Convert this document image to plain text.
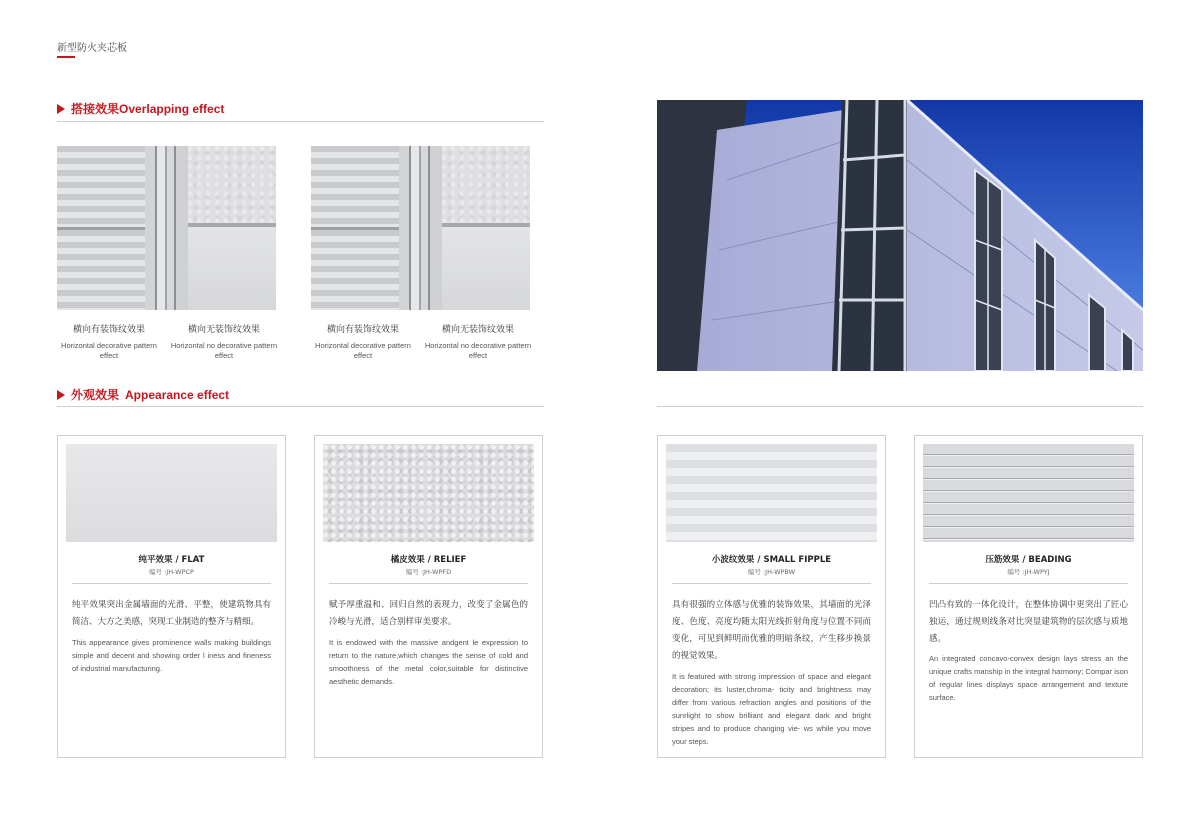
新型防火夹芯板
搭接效果 Overlapping effect
横向有装饰纹效果
Horizontal decorative pattern effect
横向无装饰纹效果
Horizontal no decorative pattern effect
横向有装饰纹效果
Horizontal decorative pattern effect
横向无装饰纹效果
Horizontal no decorative pattern effect
外观效果 Appearance effect
纯平效果 / FLAT
编号 :JH-WPCP
纯平效果突出金属墙面的光滑、平整，使建筑物具有简洁、大方之美感，突现工业制造的整齐与精细。
This appearance gives prominence walls making buildings simple and decent and showing order l iness and fineness of industrial manufacturing.
橘皮效果 / RELIEF
编号 :JH-WPFD
赋予厚重温和、回归自然的表现力，改变了金属色的冷峻与光滑，适合别样审美要求。
It is endowed with the massive andgent le expression to return to the nature,which changes the sense of cold and smoothness of the metal color,suitable for distinctive aesthetic demands.
小波纹效果 / SMALL FIPPLE
编号 :JH-WPBW
具有很强的立体感与优雅的装饰效果，其墙面的光泽度、色度、亮度均随太阳光线折射角度与位置不同而变化，可见到鲜明而优雅的明暗条纹，产生移步换景的视觉效果。
It is featured with strong impression of space and elegant decoration; its luster,chroma- ticity and brightness may differ from various refraction angles and positions of the sunrlight to show brilliant and elegant dark and bright stripes and to produce changing vie- ws while you move your steps.
压筋效果 / BEADING
编号 :JH-WPYJ
凹凸有致的一体化设计，在整体协调中更突出了匠心独运，通过规则线条对比突显建筑物的层次感与质地感。
An integrated concavo-convex design lays stress an the unique crafts manship in the integral harmony; Compar ison of regular lines displays space arrangement and texture surface.
